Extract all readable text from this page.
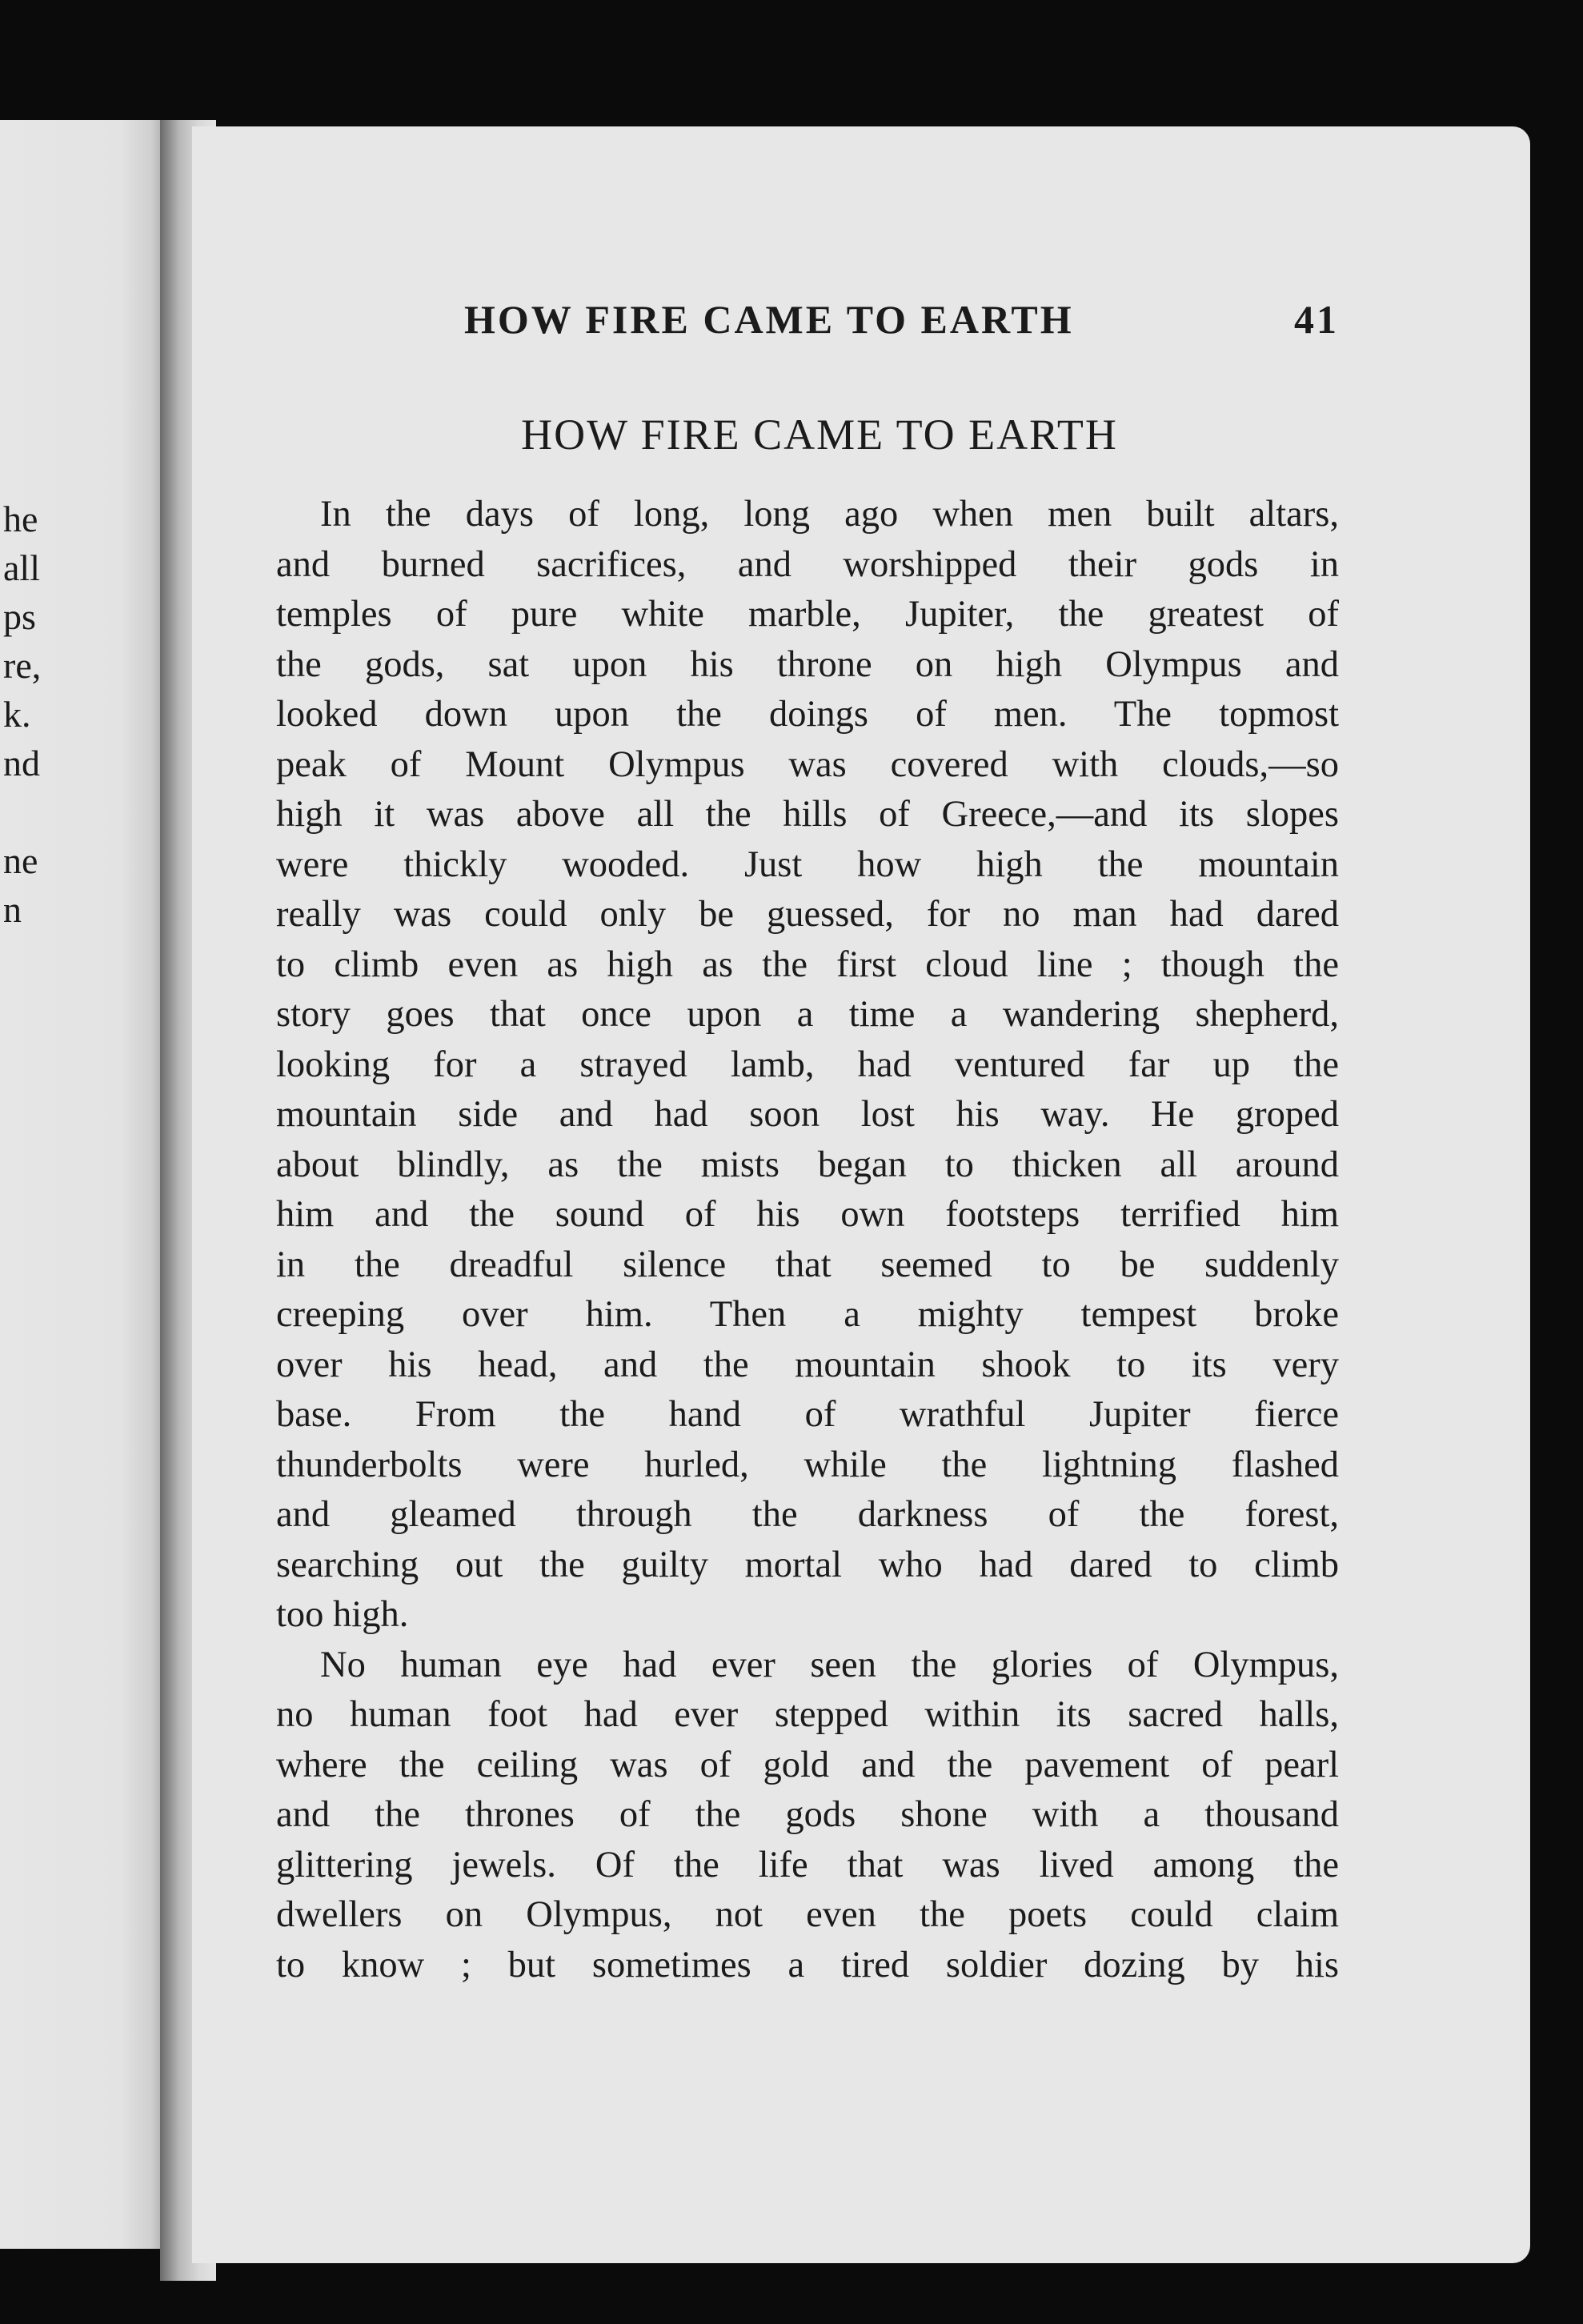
he
all
ps
re,
k.
nd
ne
n
HOW FIRE CAME TO EARTH	41
HOW FIRE CAME TO EARTH
In the days of long, long ago when men built altars,
and burned sacrifices, and worshipped their gods in
temples of pure white marble, Jupiter, the greatest of
the gods, sat upon his throne on high Olympus and
looked down upon the doings of men. The topmost
peak of Mount Olympus was covered with clouds,—so
high it was above all the hills of Greece,—and its slopes
were thickly wooded. Just how high the mountain
really was could only be guessed, for no man had dared
to climb even as high as the first cloud line ; though the
story goes that once upon a time a wandering shepherd,
looking for a strayed lamb, had ventured far up the
mountain side and had soon lost his way. He groped
about blindly, as the mists began to thicken all around
him and the sound of his own footsteps terrified him
in the dreadful silence that seemed to be suddenly
creeping over him. Then a mighty tempest broke
over his head, and the mountain shook to its very
base. From the hand of wrathful Jupiter fierce
thunderbolts were hurled, while the lightning flashed
and gleamed through the darkness of the forest,
searching out the guilty mortal who had dared to climb
too high.
No human eye had ever seen the glories of Olympus,
no human foot had ever stepped within its sacred halls,
where the ceiling was of gold and the pavement of pearl
and the thrones of the gods shone with a thousand
glittering jewels. Of the life that was lived among the
dwellers on Olympus, not even the poets could claim
to know ; but sometimes a tired soldier dozing by his
